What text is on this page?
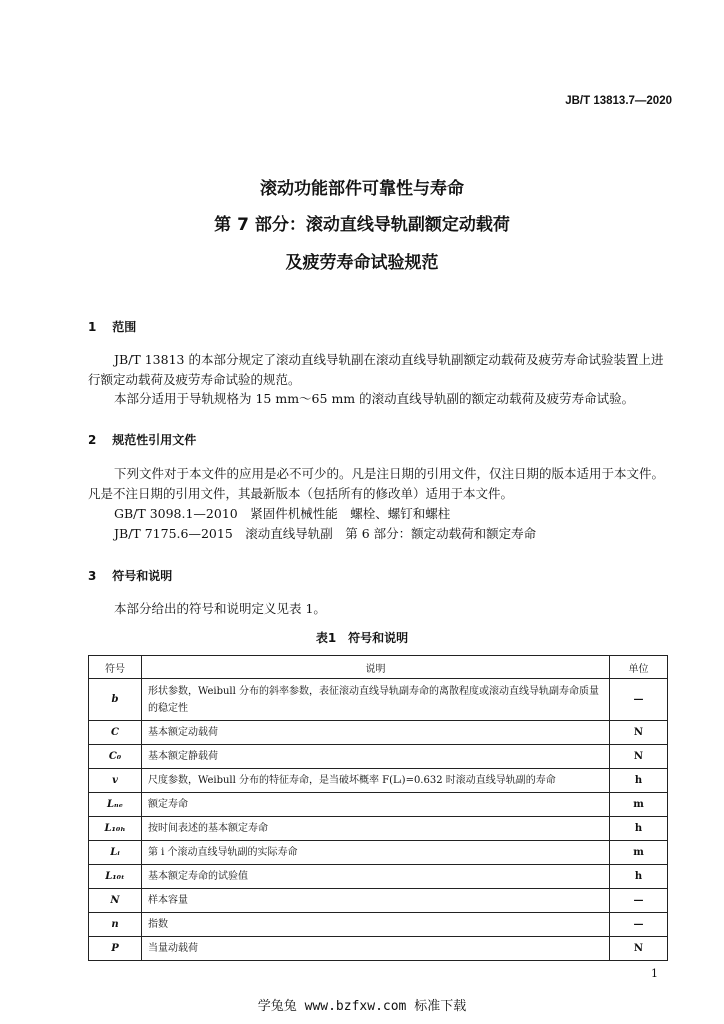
JB/T 13813.7—2020
滚动功能部件可靠性与寿命
第 7 部分：滚动直线导轨副额定动载荷
及疲劳寿命试验规范
1 范围
JB/T 13813 的本部分规定了滚动直线导轨副在滚动直线导轨副额定动载荷及疲劳寿命试验装置上进行额定动载荷及疲劳寿命试验的规范。
本部分适用于导轨规格为 15 mm～65 mm 的滚动直线导轨副的额定动载荷及疲劳寿命试验。
2 规范性引用文件
下列文件对于本文件的应用是必不可少的。凡是注日期的引用文件，仅注日期的版本适用于本文件。凡是不注日期的引用文件，其最新版本（包括所有的修改单）适用于本文件。
GB/T 3098.1—2010　紧固件机械性能　螺栓、螺钉和螺柱
JB/T 7175.6—2015　滚动直线导轨副　第 6 部分：额定动载荷和额定寿命
3 符号和说明
本部分给出的符号和说明定义见表 1。
表1　符号和说明
符号	说明	单位
b	形状参数，Weibull 分布的斜率参数，表征滚动直线导轨副寿命的离散程度或滚动直线导轨副寿命质量的稳定性	—
C	基本额定动载荷	N
C₀	基本额定静载荷	N
v	尺度参数，Weibull 分布的特征寿命，是当破坏概率 F(Lᵢ)=0.632 时滚动直线导轨副的寿命	h
Lₙₑ	额定寿命	m
L₁₀ₕ	按时间表述的基本额定寿命	h
Lᵢ	第 i 个滚动直线导轨副的实际寿命	m
L₁₀ₜ	基本额定寿命的试验值	h
N	样本容量	—
n	指数	—
P	当量动载荷	N
1
学兔兔 www.bzfxw.com 标准下载
